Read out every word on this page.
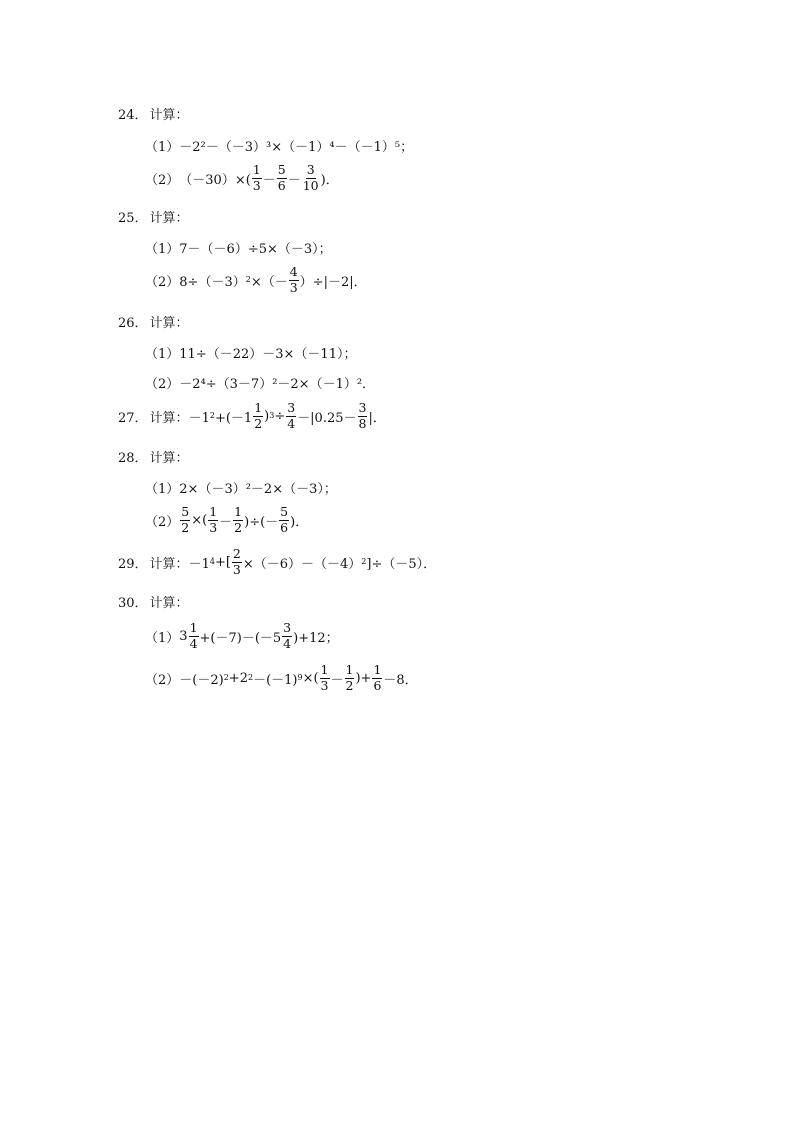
24． 计算：
（1） －2²－（－3）³×（－1）⁴－（－1）⁵；
（2） $(-30)\times( \frac{1}{3} - \frac{5}{6} - \frac{3}{10}$ )．
25． 计算：
（1） 7－（－6）÷5×（－3）；
（2） 8÷（－3） 2 ×（－ $\frac{4}{3} )\div|-2|$．
26． 计算：
（1） 11÷（－22）－3×（－11）；
（2） －2⁴÷（3－7）²－2×（－1）²．
27． 计算： －1 $2 +(-1 \frac{1}{2}$ ) $3 \div \frac{3}{4} -|0.25- \frac{3}{8}$ |．
28． 计算：
（1） 2×（－3）²－2×（－3）；
$(2) \frac{5}{2}$ ×( $\frac{1}{3} - \frac{1}{2}$ )÷(－ $\frac{5}{6}$ )．
29． 计算： －1 4 +[ $\frac{2}{3} \times(-6)-(-4)$ 2 ]÷（－5）．
30． 计算：
（1） $3 \frac{1}{4} +(-7)-(-5 \frac{3}{4} )+12$；
（2） －(－2) 2 +2 2 －(－1) 9 ×( $\frac{1}{3} - \frac{1}{2}$ )+ $\frac{1}{6} -8$．
